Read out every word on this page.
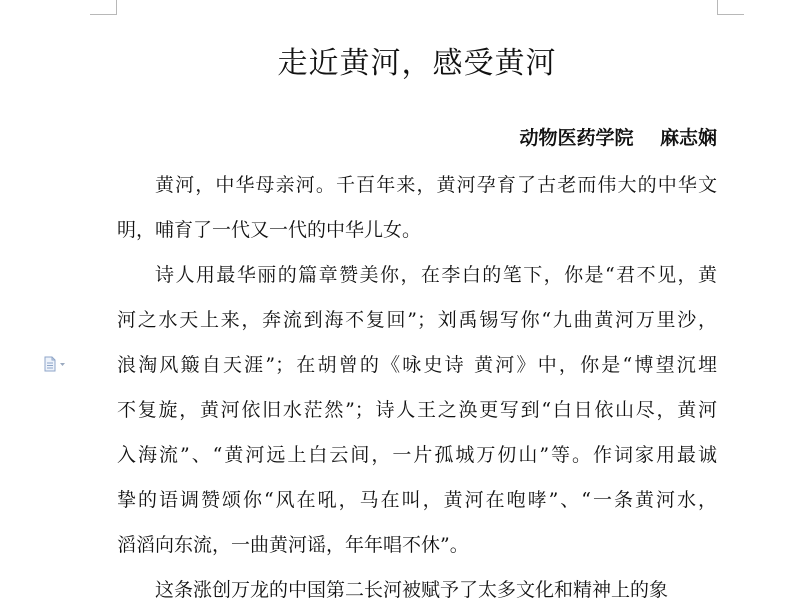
走近黄河，感受黄河
动物医药学院    麻志娴
黄河，中华母亲河。千百年来，黄河孕育了古老而伟大的中华文
明，哺育了一代又一代的中华儿女。
诗人用最华丽的篇章赞美你，在李白的笔下，你是“君不见，黄
河之水天上来，奔流到海不复回”；刘禹锡写你“九曲黄河万里沙，
浪淘风簸自天涯”；在胡曾的《咏史诗 黄河》中，你是“博望沉埋
不复旋，黄河依旧水茫然”；诗人王之涣更写到“白日依山尽，黄河
入海流”、“黄河远上白云间，一片孤城万仞山”等。作词家用最诚
挚的语调赞颂你“风在吼，马在叫，黄河在咆哮”、“一条黄河水，
滔滔向东流，一曲黄河谣，年年唱不休”。
这条涨创万龙的中国第二长河被赋予了太多文化和精神上的象
